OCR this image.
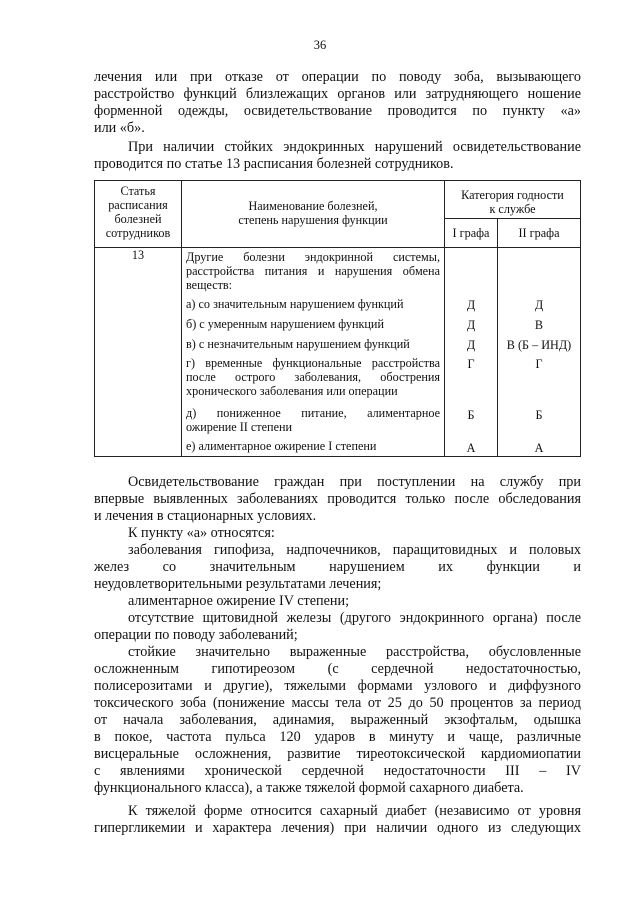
36
лечения или при отказе от операции по поводу зоба, вызывающего
расстройство функций близлежащих органов или затрудняющего ношение
форменной одежды, освидетельствование проводится по пункту «а»
или «б».
При наличии стойких эндокринных нарушений освидетельствование
проводится по статье 13 расписания болезней сотрудников.
Статья
расписания
болезней
сотрудников
Наименование болезней,
степень нарушения функции
Категория годности
к службе
I графа	II графа
13	Другие болезни эндокринной системы,
расстройства питания и нарушения обмена
веществ:
а) со значительным нарушением функций	Д	Д
б) с умеренным нарушением функций	Д	В
в) с незначительным нарушением функций	Д	В (Б – ИНД)
г) временные функциональные расстройства
после острого заболевания, обострения
хронического заболевания или операции
Г	Г
д) пониженное питание, алиментарное
ожирение II степени
Б	Б
е) алиментарное ожирение I степени	А	А
Освидетельствование граждан при поступлении на службу при
впервые выявленных заболеваниях проводится только после обследования
и лечения в стационарных условиях.
К пункту «а» относятся:
заболевания гипофиза, надпочечников, паращитовидных и половых
желез со значительным нарушением их функции и
неудовлетворительными результатами лечения;
алиментарное ожирение IV степени;
отсутствие щитовидной железы (другого эндокринного органа) после
операции по поводу заболеваний;
стойкие значительно выраженные расстройства, обусловленные
осложненным гипотиреозом (с сердечной недостаточностью,
полисерозитами и другие), тяжелыми формами узлового и диффузного
токсического зоба (понижение массы тела от 25 до 50 процентов за период
от начала заболевания, адинамия, выраженный экзофтальм, одышка
в покое, частота пульса 120 ударов в минуту и чаще, различные
висцеральные осложнения, развитие тиреотоксической кардиомиопатии
с явлениями хронической сердечной недостаточности III – IV
функционального класса), а также тяжелой формой сахарного диабета.
К тяжелой форме относится сахарный диабет (независимо от уровня
гипергликемии и характера лечения) при наличии одного из следующих
